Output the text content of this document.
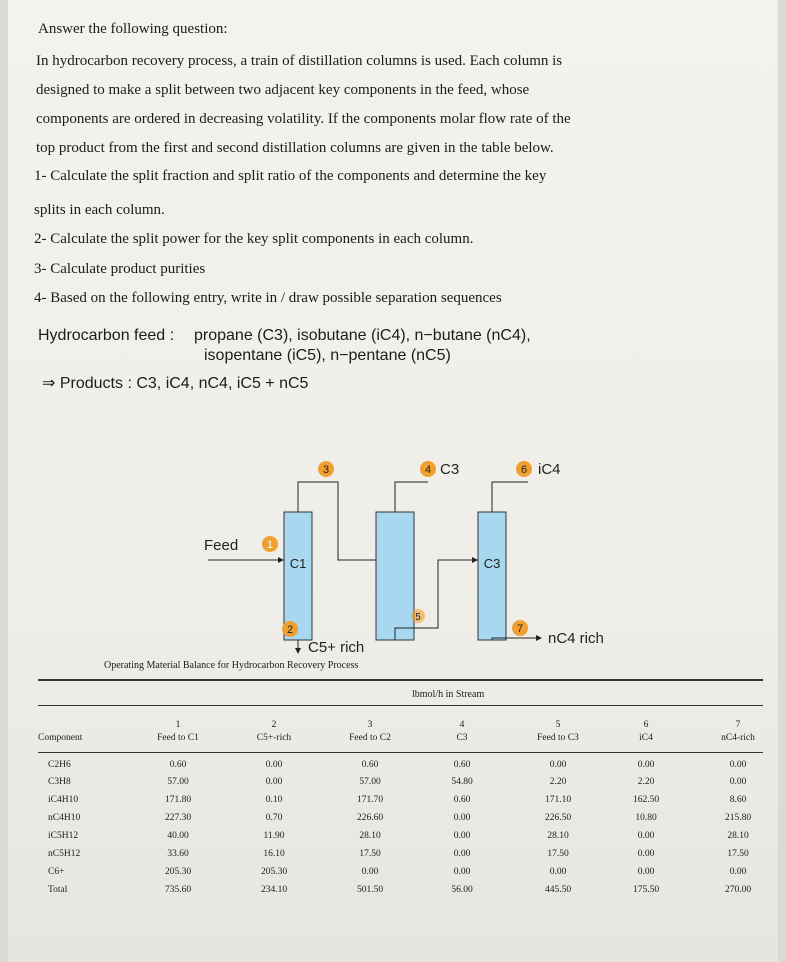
Answer the following question:
In hydrocarbon recovery process, a train of distillation columns is used. Each column is
designed to make a split between two adjacent key components in the feed, whose
components are ordered in decreasing volatility. If the components molar flow rate of the
top product from the first and second distillation columns are given in the table below.
1- Calculate the split fraction and split ratio of the components and determine the key
splits in each column.
2- Calculate the split power for the key split components in each column.
3- Calculate product purities
4- Based on the following entry, write in / draw possible separation sequences
Hydrocarbon feed : propane (C3), isobutane (iC4), n−butane (nC4),
isopentane (iC5), n−pentane (nC5)
⇒ Products : C3, iC4, nC4, iC5 + nC5
1
2
3	4	6
7
5
Feed
C1	C3
C5+ rich
C3	iC4
nC4 rich
Operating Material Balance for Hydrocarbon Recovery Process
lbmol/h in Stream
1	2	3	4	5	6	7
Component	Feed to C1	C5+-rich	Feed to C2	C3	Feed to C3	iC4	nC4-rich
C2H6	0.60	0.00	0.60	0.60	0.00	0.00	0.00
C3H8	57.00	0.00	57.00	54.80	2.20	2.20	0.00
iC4H10	171.80	0.10	171.70	0.60	171.10	162.50	8.60
nC4H10	227.30	0.70	226.60	0.00	226.50	10.80	215.80
iC5H12	40.00	11.90	28.10	0.00	28.10	0.00	28.10
nC5H12	33.60	16.10	17.50	0.00	17.50	0.00	17.50
C6+	205.30	205.30	0.00	0.00	0.00	0.00	0.00
Total	735.60	234.10	501.50	56.00	445.50	175.50	270.00
